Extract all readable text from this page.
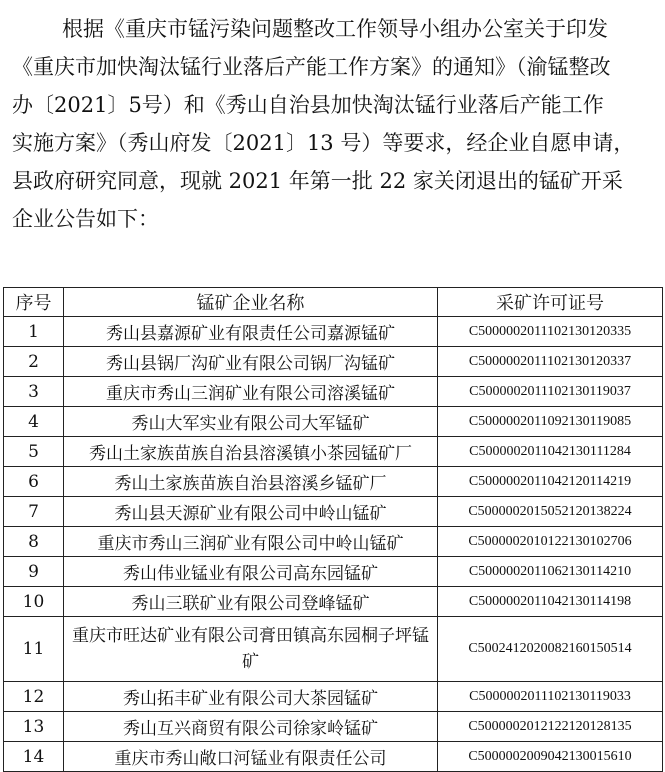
根据《重庆市锰污染问题整改工作领导小组办公室关于印发
《重庆市加快淘汰锰行业落后产能工作方案》的通知》（渝锰整改
办〔2021〕5号）和《秀山自治县加快淘汰锰行业落后产能工作
实施方案》（秀山府发〔2021〕13 号）等要求，经企业自愿申请，
县政府研究同意，现就 2021 年第一批 22 家关闭退出的锰矿开采
企业公告如下：
序号	锰矿企业名称	采矿许可证号
1	秀山县嘉源矿业有限责任公司嘉源锰矿	C5000002011102130120335
2	秀山县锅厂沟矿业有限公司锅厂沟锰矿	C5000002011102130120337
3	重庆市秀山三润矿业有限公司溶溪锰矿	C5000002011102130119037
4	秀山大军实业有限公司大军锰矿	C5000002011092130119085
5	秀山土家族苗族自治县溶溪镇小茶园锰矿厂	C5000002011042130111284
6	秀山土家族苗族自治县溶溪乡锰矿厂	C5000002011042120114219
7	秀山县天源矿业有限公司中岭山锰矿	C5000002015052120138224
8	重庆市秀山三润矿业有限公司中岭山锰矿	C5000002010122130102706
9	秀山伟业锰业有限公司高东园锰矿	C5000002011062130114210
10	秀山三联矿业有限公司登峰锰矿	C5000002011042130114198
11	重庆市旺达矿业有限公司膏田镇高东园桐子坪锰矿	C5002412020082160150514
12	秀山拓丰矿业有限公司大茶园锰矿	C5000002011102130119033
13	秀山互兴商贸有限公司徐家岭锰矿	C5000002012122120128135
14	重庆市秀山敞口河锰业有限责任公司	C5000002009042130015610
